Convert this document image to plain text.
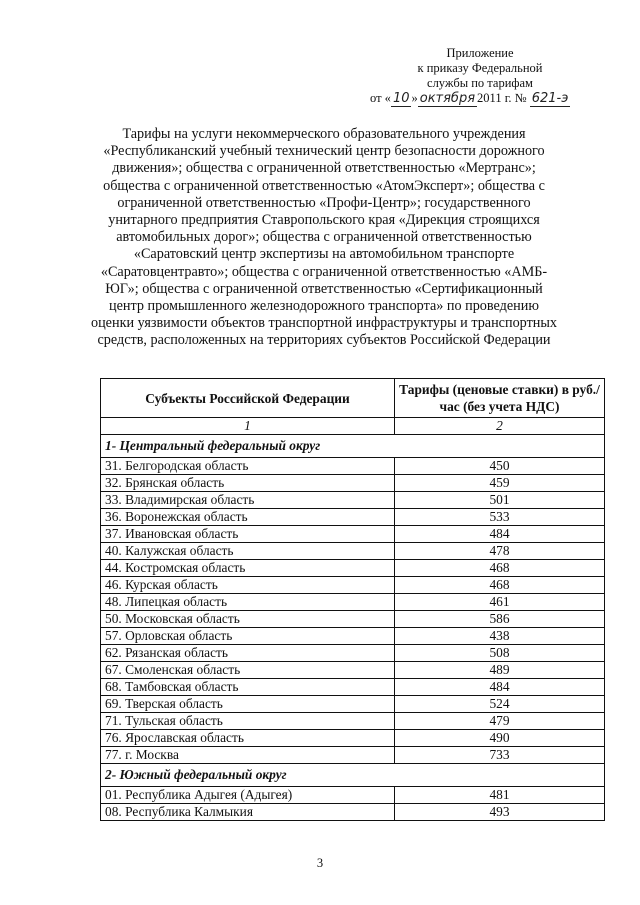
Приложение
к приказу Федеральной
службы по тарифам
от « 10 » октября 2011 г. № 621-э
Тарифы на услуги некоммерческого образовательного учреждения «Республиканский учебный технический центр безопасности дорожного движения»; общества с ограниченной ответственностью «Мертранс»; общества с ограниченной ответственностью «АтомЭксперт»; общества с ограниченной ответственностью «Профи-Центр»; государственного унитарного предприятия Ставропольского края «Дирекция строящихся автомобильных дорог»; общества с ограниченной ответственностью «Саратовский центр экспертизы на автомобильном транспорте «Саратовцентравто»; общества с ограниченной ответственностью «АМБ-ЮГ»; общества с ограниченной ответственностью «Сертификационный центр промышленного железнодорожного транспорта» по проведению оценки уязвимости объектов транспортной инфраструктуры и транспортных средств, расположенных на территориях субъектов Российской Федерации
Субъекты Российской Федерации	Тарифы (ценовые ставки) в руб./час (без учета НДС)
1	2
1- Центральный федеральный округ	
31. Белгородская область	450
32. Брянская область	459
33. Владимирская область	501
36. Воронежская область	533
37. Ивановская область	484
40. Калужская область	478
44. Костромская область	468
46. Курская область	468
48. Липецкая область	461
50. Московская область	586
57. Орловская область	438
62. Рязанская область	508
67. Смоленская область	489
68. Тамбовская область	484
69. Тверская область	524
71. Тульская область	479
76. Ярославская область	490
77. г. Москва	733
2- Южный федеральный округ	
01. Республика Адыгея (Адыгея)	481
08. Республика Калмыкия	493
3
